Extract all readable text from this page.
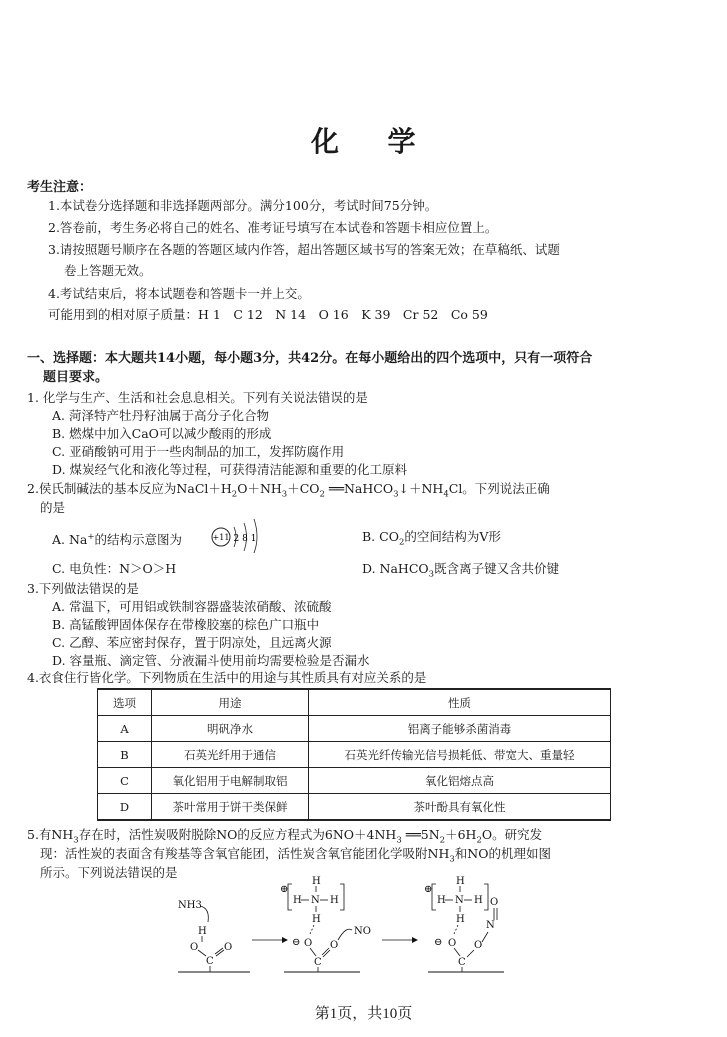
化 学
考生注意：
1.本试卷分选择题和非选择题两部分。满分100分，考试时间75分钟。
2.答卷前，考生务必将自己的姓名、准考证号填写在本试卷和答题卡相应位置上。
3.请按照题号顺序在各题的答题区域内作答，超出答题区域书写的答案无效；在草稿纸、试题
卷上答题无效。
4.考试结束后，将本试题卷和答题卡一并上交。
可能用到的相对原子质量：H 1　C 12　N 14　O 16　K 39　Cr 52　Co 59
一、选择题：本大题共14小题，每小题3分，共42分。在每小题给出的四个选项中，只有一项符合
题目要求。
1. 化学与生产、生活和社会息息相关。下列有关说法错误的是
A. 菏泽特产牡丹籽油属于高分子化合物
B. 燃煤中加入CaO可以减少酸雨的形成
C. 亚硝酸钠可用于一些肉制品的加工，发挥防腐作用
D. 煤炭经气化和液化等过程，可获得清洁能源和重要的化工原料
2.侯氏制碱法的基本反应为$NaCl+H_2O+NH_3+CO_2$ $══NaHCO_3↓+NH_4Cl$。下列说法正确
的是
A. Na+的结构示意图为	+11 2 8 1	B. $CO_2$的空间结构为V形
C. 电负性：N＞O＞H	D. NaHCO$_3$既含离子键又含共价键
3.下列做法错误的是
A. 常温下，可用铝或铁制容器盛装浓硝酸、浓硫酸
B. 高锰酸钾固体保存在带橡胶塞的棕色广口瓶中
C. 乙醇、苯应密封保存，置于阴凉处，且远离火源
D. 容量瓶、滴定管、分液漏斗使用前均需要检验是否漏水
4.衣食住行皆化学。下列物质在生活中的用途与其性质具有对应关系的是
选项	用途	性质
A	明矾净水	铝离子能够杀菌消毒
B	石英光纤用于通信	石英光纤传输光信号损耗低、带宽大、重量轻
C	氧化铝用于电解制取铝	氧化铝熔点高
D	茶叶常用于饼干类保鲜	茶叶酚具有氧化性
5.有$NH_3$存在时，活性炭吸附脱除NO的反应方程式为$6NO+4NH_3$ $══5N_2+6H_2O$。研究发
现：活性炭的表面含有羧基等含氧官能团，活性炭含氧官能团化学吸附$NH_3$和NO的机理如图
所示。下列说法错误的是
NH3
H
O
C
O
⊕
H
H N H
H
⊖ O
C
O
NO
⊕
H
H N H
H
⊖ O
C
O
N
O
第1页，共10页
